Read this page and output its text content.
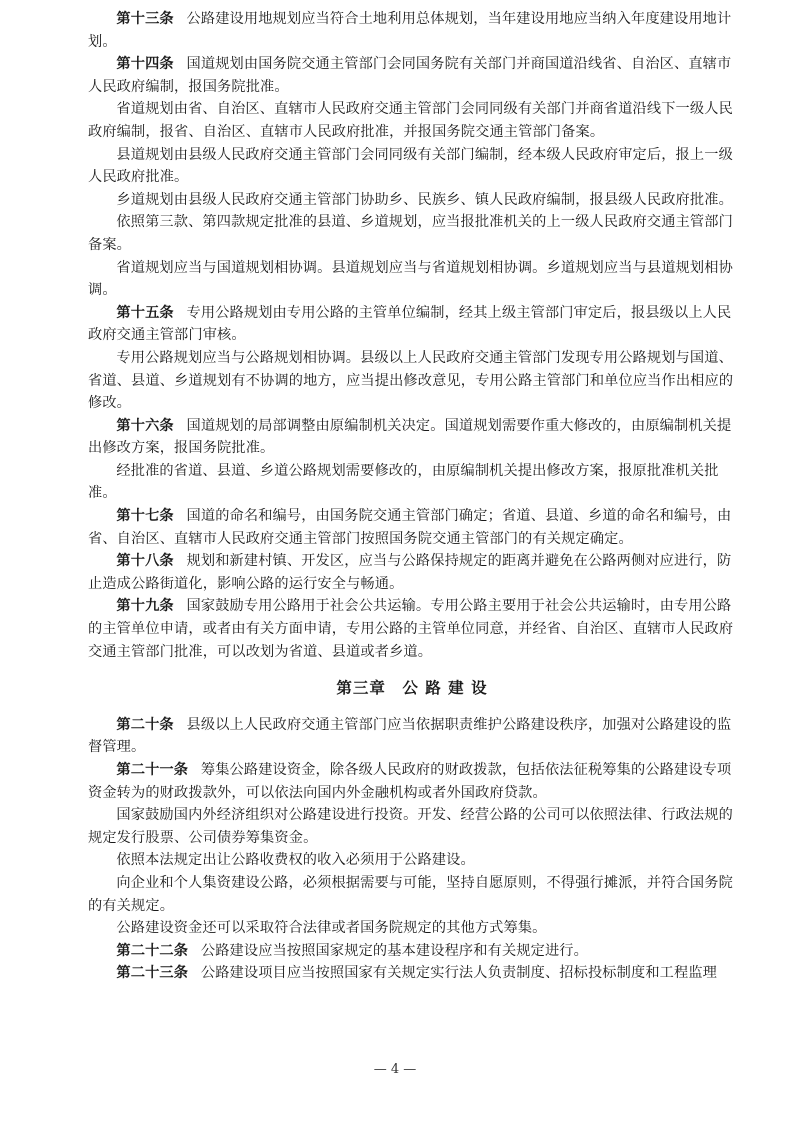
第十三条 公路建设用地规划应当符合土地利用总体规划，当年建设用地应当纳入年度建设用地计划。

第十四条 国道规划由国务院交通主管部门会同国务院有关部门并商国道沿线省、自治区、直辖市人民政府编制，报国务院批准。

省道规划由省、自治区、直辖市人民政府交通主管部门会同同级有关部门并商省道沿线下一级人民政府编制，报省、自治区、直辖市人民政府批准，并报国务院交通主管部门备案。

县道规划由县级人民政府交通主管部门会同同级有关部门编制，经本级人民政府审定后，报上一级人民政府批准。

乡道规划由县级人民政府交通主管部门协助乡、民族乡、镇人民政府编制，报县级人民政府批准。

依照第三款、第四款规定批准的县道、乡道规划，应当报批准机关的上一级人民政府交通主管部门备案。

省道规划应当与国道规划相协调。县道规划应当与省道规划相协调。乡道规划应当与县道规划相协调。

第十五条 专用公路规划由专用公路的主管单位编制，经其上级主管部门审定后，报县级以上人民政府交通主管部门审核。

专用公路规划应当与公路规划相协调。县级以上人民政府交通主管部门发现专用公路规划与国道、省道、县道、乡道规划有不协调的地方，应当提出修改意见，专用公路主管部门和单位应当作出相应的修改。

第十六条 国道规划的局部调整由原编制机关决定。国道规划需要作重大修改的，由原编制机关提出修改方案，报国务院批准。

经批准的省道、县道、乡道公路规划需要修改的，由原编制机关提出修改方案，报原批准机关批准。

第十七条 国道的命名和编号，由国务院交通主管部门确定；省道、县道、乡道的命名和编号，由省、自治区、直辖市人民政府交通主管部门按照国务院交通主管部门的有关规定确定。

第十八条 规划和新建村镇、开发区，应当与公路保持规定的距离并避免在公路两侧对应进行，防止造成公路街道化，影响公路的运行安全与畅通。

第十九条 国家鼓励专用公路用于社会公共运输。专用公路主要用于社会公共运输时，由专用公路的主管单位申请，或者由有关方面申请，专用公路的主管单位同意，并经省、自治区、直辖市人民政府交通主管部门批准，可以改划为省道、县道或者乡道。

第三章　公 路 建 设

第二十条 县级以上人民政府交通主管部门应当依据职责维护公路建设秩序，加强对公路建设的监督管理。

第二十一条 筹集公路建设资金，除各级人民政府的财政拨款，包括依法征税筹集的公路建设专项资金转为的财政拨款外，可以依法向国内外金融机构或者外国政府贷款。

国家鼓励国内外经济组织对公路建设进行投资。开发、经营公路的公司可以依照法律、行政法规的规定发行股票、公司债券筹集资金。

依照本法规定出让公路收费权的收入必须用于公路建设。

向企业和个人集资建设公路，必须根据需要与可能，坚持自愿原则，不得强行摊派，并符合国务院的有关规定。

公路建设资金还可以采取符合法律或者国务院规定的其他方式筹集。

第二十二条 公路建设应当按照国家规定的基本建设程序和有关规定进行。

第二十三条 公路建设项目应当按照国家有关规定实行法人负责制度、招标投标制度和工程监理

— 4 —
